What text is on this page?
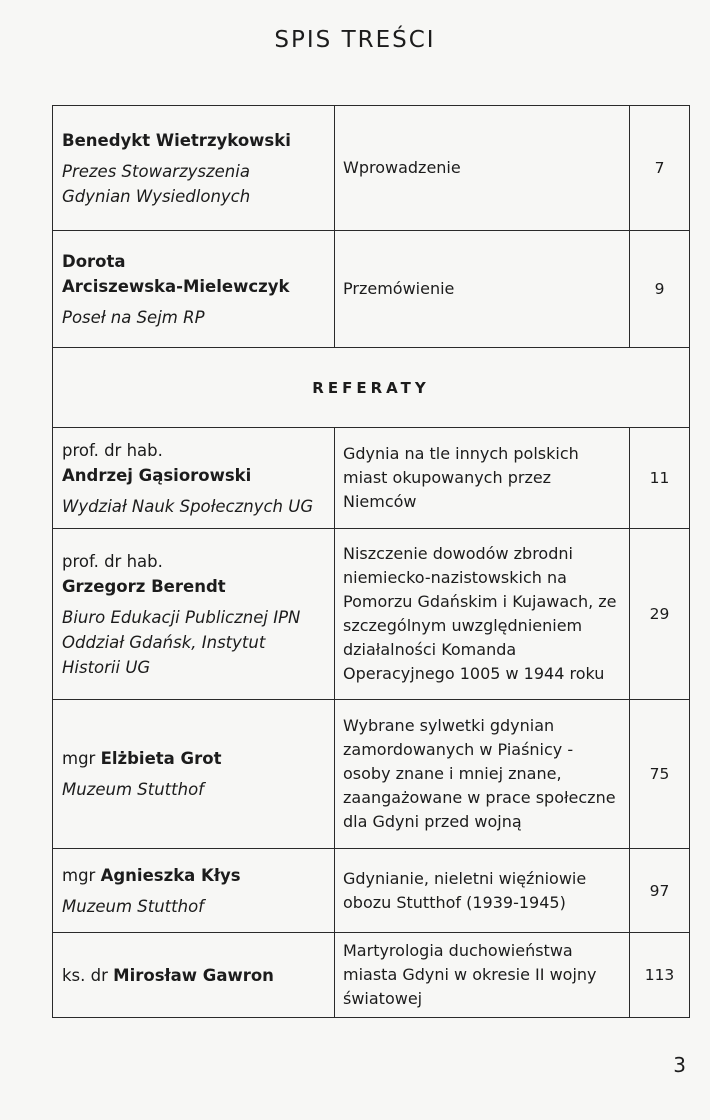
SPIS TREŚCI
Benedykt Wietrzykowski
Prezes Stowarzyszenia Gdynian Wysiedlonych	Wprowadzenie	7

Dorota
Arciszewska-Mielewczyk
Poseł na Sejm RP	Przemówienie	9
REFERATY		

prof. dr hab.
Andrzej Gąsiorowski
Wydział Nauk Społecznych UG	Gdynia na tle innych polskich miast okupowanych przez Niemców	11

prof. dr hab.
Grzegorz Berendt
Biuro Edukacji Publicznej IPN Oddział Gdańsk, Instytut Historii UG	Niszczenie dowodów zbrodni niemiecko-nazistowskich na Pomorzu Gdańskim i Kujawach, ze szczególnym uwzględnieniem działalności Komanda Operacyjnego 1005 w 1944 roku	29

mgr Elżbieta Grot
Muzeum Stutthof	Wybrane sylwetki gdynian zamordowanych w Piaśnicy - osoby znane i mniej znane, zaangażowane w prace społeczne dla Gdyni przed wojną	75

mgr Agnieszka Kłys
Muzeum Stutthof	Gdynianie, nieletni więźniowie obozu Stutthof (1939-1945)	97

ks. dr Mirosław Gawron	Martyrologia duchowieństwa miasta Gdyni w okresie II wojny światowej	113
3
